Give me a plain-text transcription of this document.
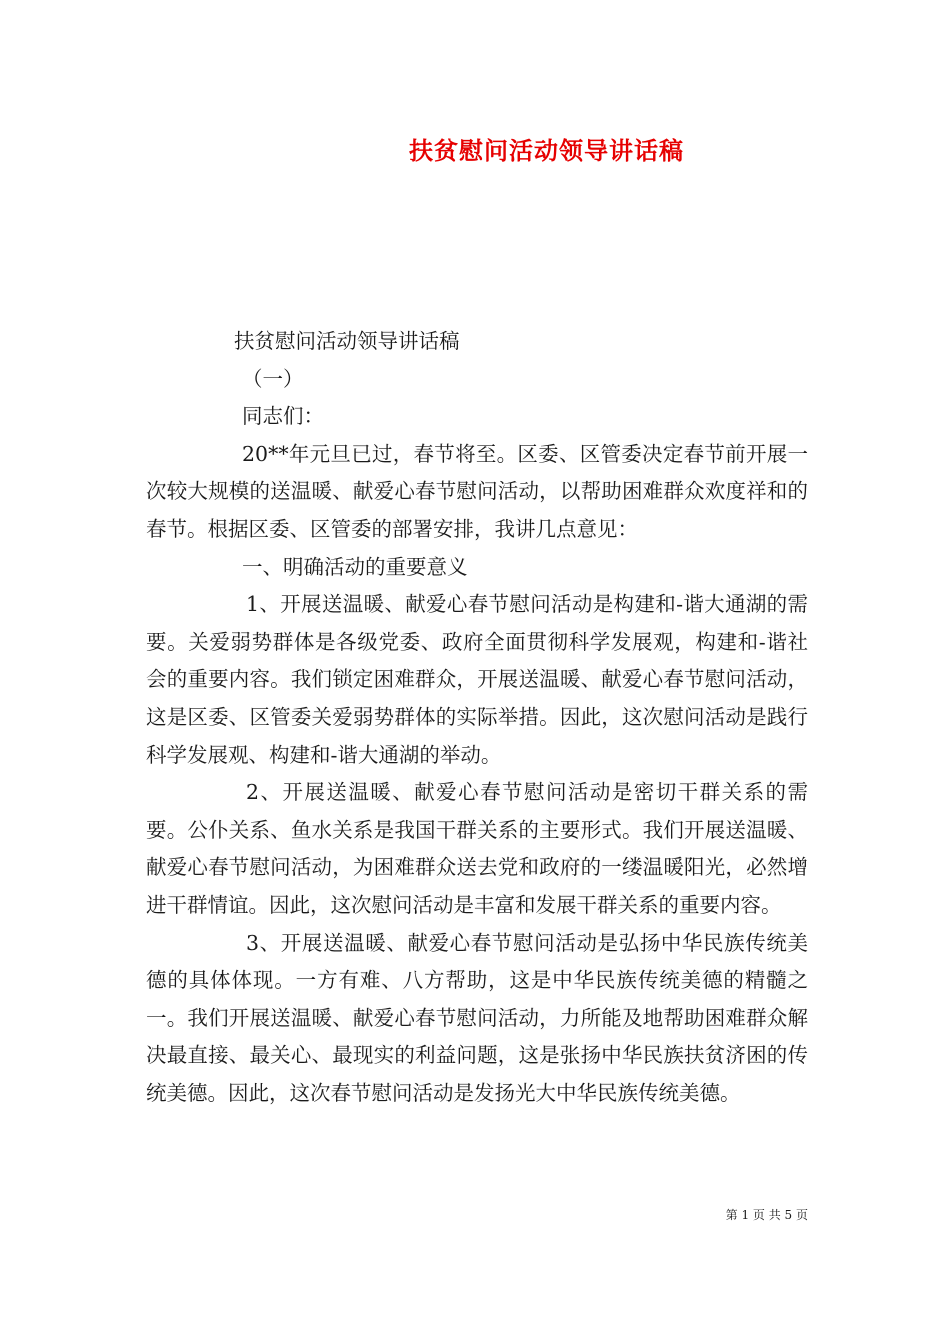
扶贫慰问活动领导讲话稿

扶贫慰问活动领导讲话稿

（一）

同志们：

20**年元旦已过，春节将至。区委、区管委决定春节前开展一次较大规模的送温暖、献爱心春节慰问活动，以帮助困难群众欢度祥和的春节。根据区委、区管委的部署安排，我讲几点意见：

一、明确活动的重要意义

1、开展送温暖、献爱心春节慰问活动是构建和-谐大通湖的需要。关爱弱势群体是各级党委、政府全面贯彻科学发展观，构建和-谐社会的重要内容。我们锁定困难群众，开展送温暖、献爱心春节慰问活动，这是区委、区管委关爱弱势群体的实际举措。因此，这次慰问活动是践行科学发展观、构建和-谐大通湖的举动。

2、开展送温暖、献爱心春节慰问活动是密切干群关系的需要。公仆关系、鱼水关系是我国干群关系的主要形式。我们开展送温暖、献爱心春节慰问活动，为困难群众送去党和政府的一缕温暖阳光，必然增进干群情谊。因此，这次慰问活动是丰富和发展干群关系的重要内容。

3、开展送温暖、献爱心春节慰问活动是弘扬中华民族传统美德的具体体现。一方有难、八方帮助，这是中华民族传统美德的精髓之一。我们开展送温暖、献爱心春节慰问活动，力所能及地帮助困难群众解决最直接、最关心、最现实的利益问题，这是张扬中华民族扶贫济困的传统美德。因此，这次春节慰问活动是发扬光大中华民族传统美德。

第 1 页 共 5 页
